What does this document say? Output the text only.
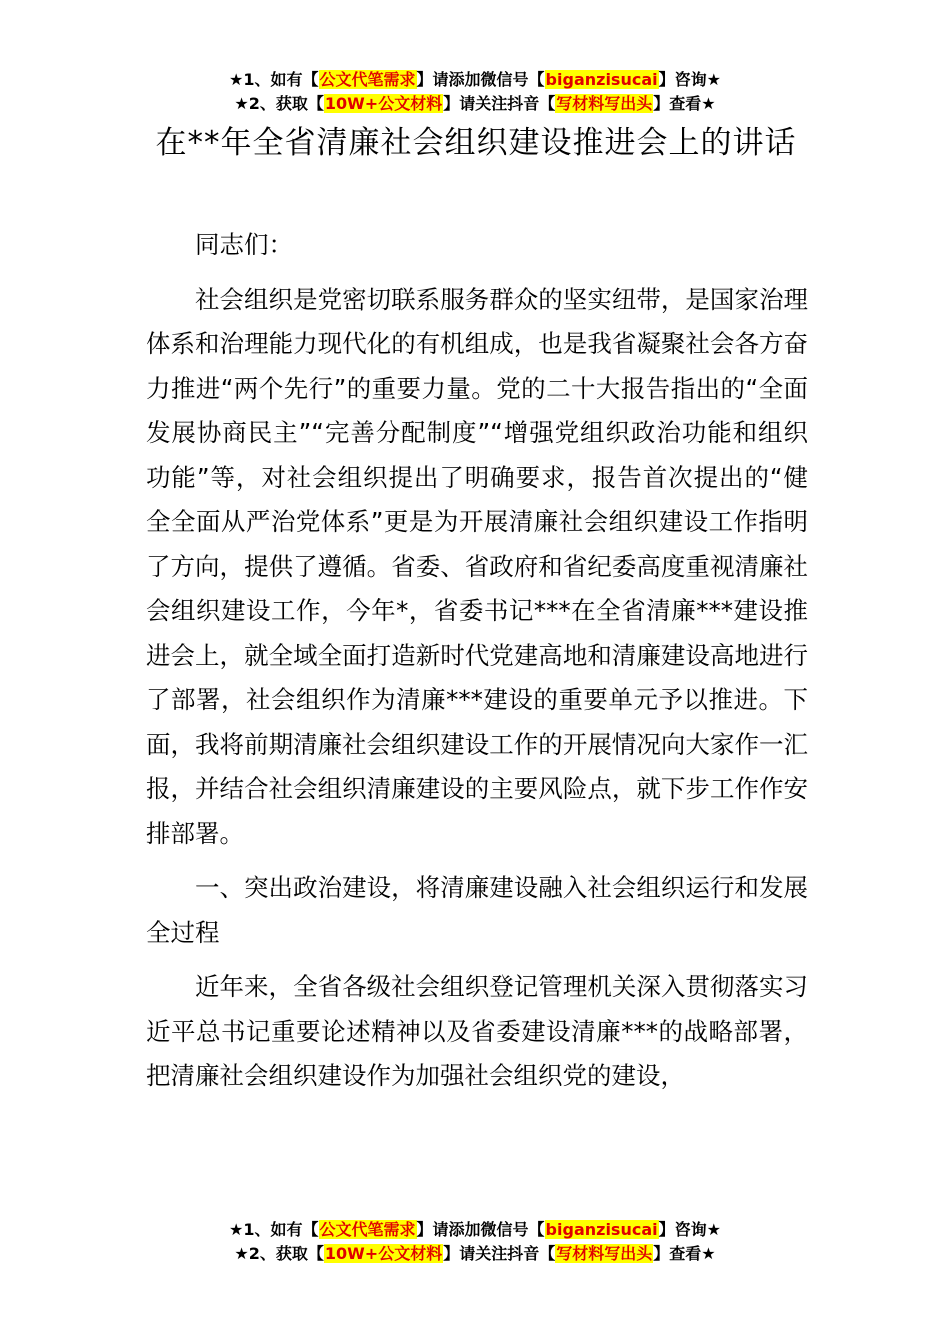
★1、如有【公文代笔需求】请添加微信号【biganzisucai】咨询★
★2、获取【10W+公文材料】请关注抖音【写材料写出头】查看★
在**年全省清廉社会组织建设推进会上的讲话

同志们：

社会组织是党密切联系服务群众的坚实纽带，是国家治理体系和治理能力现代化的有机组成，也是我省凝聚社会各方奋力推进“两个先行”的重要力量。党的二十大报告指出的“全面发展协商民主”“完善分配制度”“增强党组织政治功能和组织功能”等，对社会组织提出了明确要求，报告首次提出的“健全全面从严治党体系”更是为开展清廉社会组织建设工作指明了方向，提供了遵循。省委、省政府和省纪委高度重视清廉社会组织建设工作，今年*，省委书记***在全省清廉***建设推进会上，就全域全面打造新时代党建高地和清廉建设高地进行了部署，社会组织作为清廉***建设的重要单元予以推进。下面，我将前期清廉社会组织建设工作的开展情况向大家作一汇报，并结合社会组织清廉建设的主要风险点，就下步工作作安排部署。

一、突出政治建设，将清廉建设融入社会组织运行和发展全过程

近年来，全省各级社会组织登记管理机关深入贯彻落实习近平总书记重要论述精神以及省委建设清廉***的战略部署，把清廉社会组织建设作为加强社会组织党的建设，

★1、如有【公文代笔需求】请添加微信号【biganzisucai】咨询★
★2、获取【10W+公文材料】请关注抖音【写材料写出头】查看★
